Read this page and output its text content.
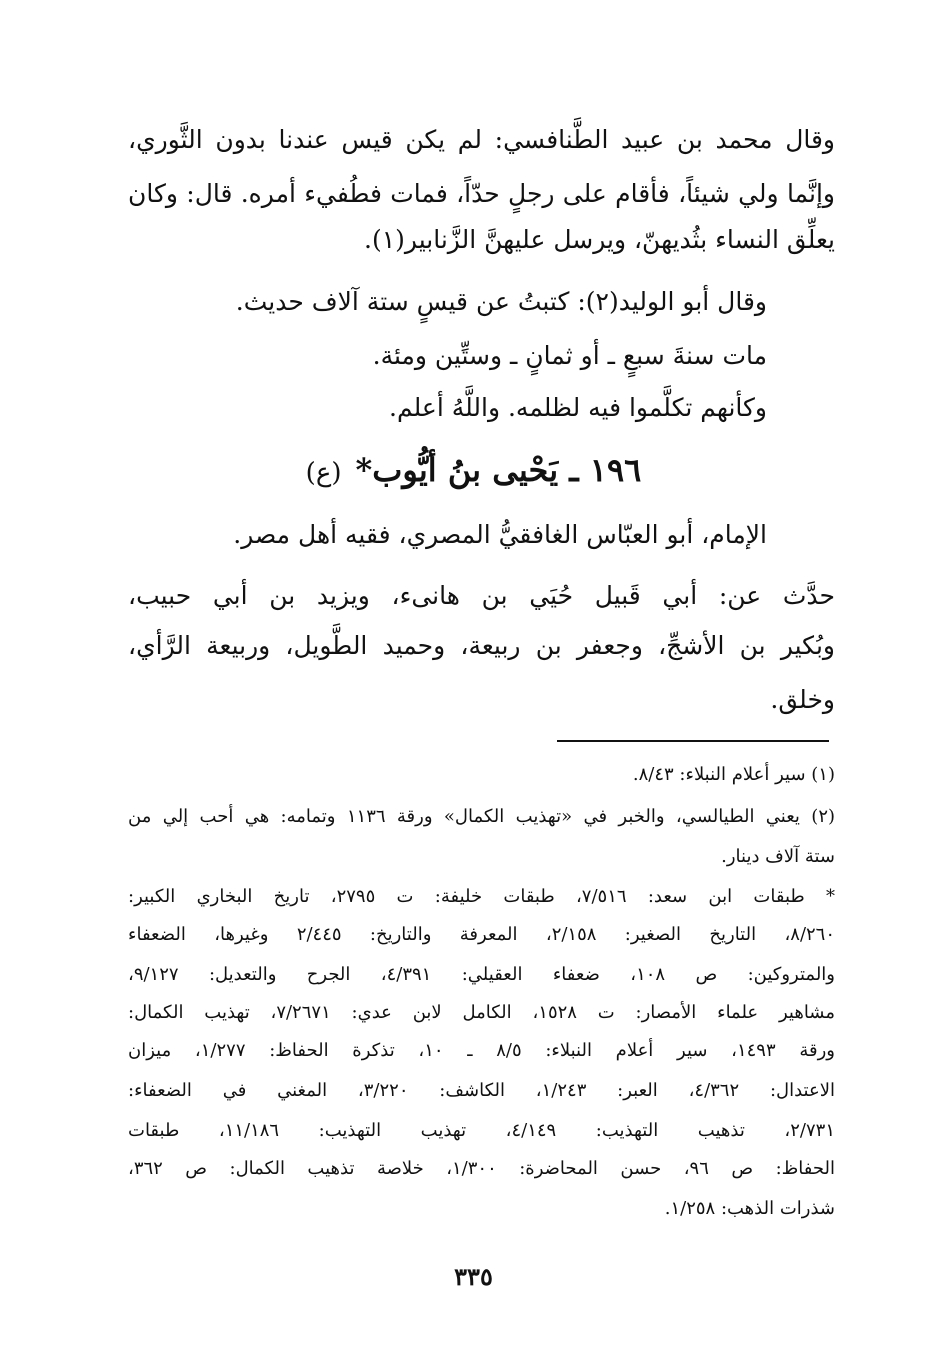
وقال محمد بن عبيد الطَّنافسي: لم يكن قيس عندنا بدون الثَّوري،
وإنَّما ولي شيئاً، فأقام على رجلٍ حدّاً، فمات فطُفيء أمره. قال: وكان
يعلِّق النساء بثُديهنّ، ويرسل عليهنَّ الزَّنابير(١).
وقال أبو الوليد(٢): كتبتُ عن قيسٍ ستة آلاف حديث.
مات سنةَ سبعٍ ـ أو ثمانٍ ـ وستِّين ومئة.
وكأنهم تكلَّموا فيه لظلمه. واللَّهُ أعلم.
١٩٦ ـ يَحْيى بنُ أيُّوب*(ع)
الإمام، أبو العبّاس الغافقيُّ المصري، فقيه أهل مصر.
حدَّث عن: أبي قَبيل حُيَي بن هانىء، ويزيد بن أبي حبيب،
وبُكير بن الأشجِّ، وجعفر بن ربيعة، وحميد الطَّويل، وربيعة الرَّأي،
وخلق.
(١) سير أعلام النبلاء: ٨/٤٣.
(٢) يعني الطيالسي، والخبر في «تهذيب الكمال» ورقة ١١٣٦ وتمامه: هي أحب إلي من
ستة آلاف دينار.
* طبقات ابن سعد: ٧/٥١٦، طبقات خليفة: ت ٢٧٩٥، تاريخ البخاري الكبير:
٨/٢٦٠، التاريخ الصغير: ٢/١٥٨، المعرفة والتاريخ: ٢/٤٤٥ وغيرها، الضعفاء
والمتروكين: ص ١٠٨، ضعفاء العقيلي: ٤/٣٩١، الجرح والتعديل: ٩/١٢٧،
مشاهير علماء الأمصار: ت ١٥٢٨، الكامل لابن عدي: ٧/٢٦٧١، تهذيب الكمال:
ورقة ١٤٩٣، سير أعلام النبلاء: ٨/٥ ـ ١٠، تذكرة الحفاظ: ١/٢٧٧، ميزان
الاعتدال: ٤/٣٦٢، العبر: ١/٢٤٣، الكاشف: ٣/٢٢٠، المغني في الضعفاء:
٢/٧٣١، تذهيب التهذيب: ٤/١٤٩، تهذيب التهذيب: ١١/١٨٦، طبقات
الحفاظ: ص ٩٦، حسن المحاضرة: ١/٣٠٠، خلاصة تذهيب الكمال: ص ٣٦٢،
شذرات الذهب: ١/٢٥٨.
٣٣٥
